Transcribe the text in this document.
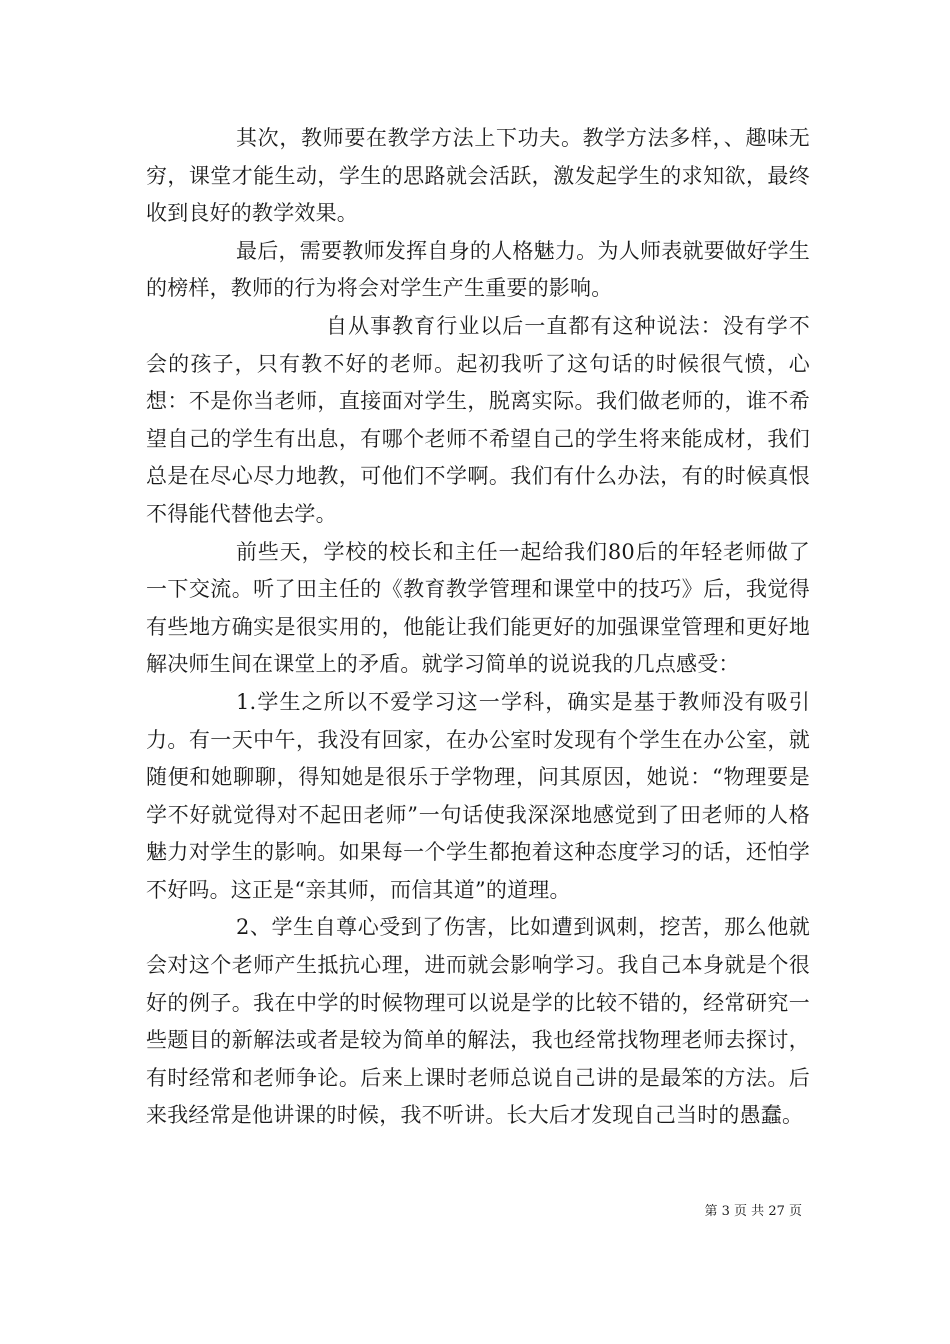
其次，教师要在教学方法上下功夫。教学方法多样，、趣味无穷，课堂才能生动，学生的思路就会活跃，激发起学生的求知欲，最终收到良好的教学效果。

最后，需要教师发挥自身的人格魅力。为人师表就要做好学生的榜样，教师的行为将会对学生产生重要的影响。

自从事教育行业以后一直都有这种说法：没有学不会的孩子，只有教不好的老师。起初我听了这句话的时候很气愤，心想：不是你当老师，直接面对学生，脱离实际。我们做老师的，谁不希望自己的学生有出息，有哪个老师不希望自己的学生将来能成材，我们总是在尽心尽力地教，可他们不学啊。我们有什么办法，有的时候真恨不得能代替他去学。

前些天，学校的校长和主任一起给我们80后的年轻老师做了一下交流。听了田主任的《教育教学管理和课堂中的技巧》后，我觉得有些地方确实是很实用的，他能让我们能更好的加强课堂管理和更好地解决师生间在课堂上的矛盾。就学习简单的说说我的几点感受：

1.学生之所以不爱学习这一学科，确实是基于教师没有吸引力。有一天中午，我没有回家，在办公室时发现有个学生在办公室，就随便和她聊聊，得知她是很乐于学物理，问其原因，她说：“物理要是学不好就觉得对不起田老师”一句话使我深深地感觉到了田老师的人格魅力对学生的影响。如果每一个学生都抱着这种态度学习的话，还怕学不好吗。这正是“亲其师，而信其道”的道理。

2、学生自尊心受到了伤害，比如遭到讽刺，挖苦，那么他就会对这个老师产生抵抗心理，进而就会影响学习。我自己本身就是个很好的例子。我在中学的时候物理可以说是学的比较不错的，经常研究一些题目的新解法或者是较为简单的解法，我也经常找物理老师去探讨，有时经常和老师争论。后来上课时老师总说自己讲的是最笨的方法。后来我经常是他讲课的时候，我不听讲。长大后才发现自己当时的愚蠢。

第 3 页 共 27 页
